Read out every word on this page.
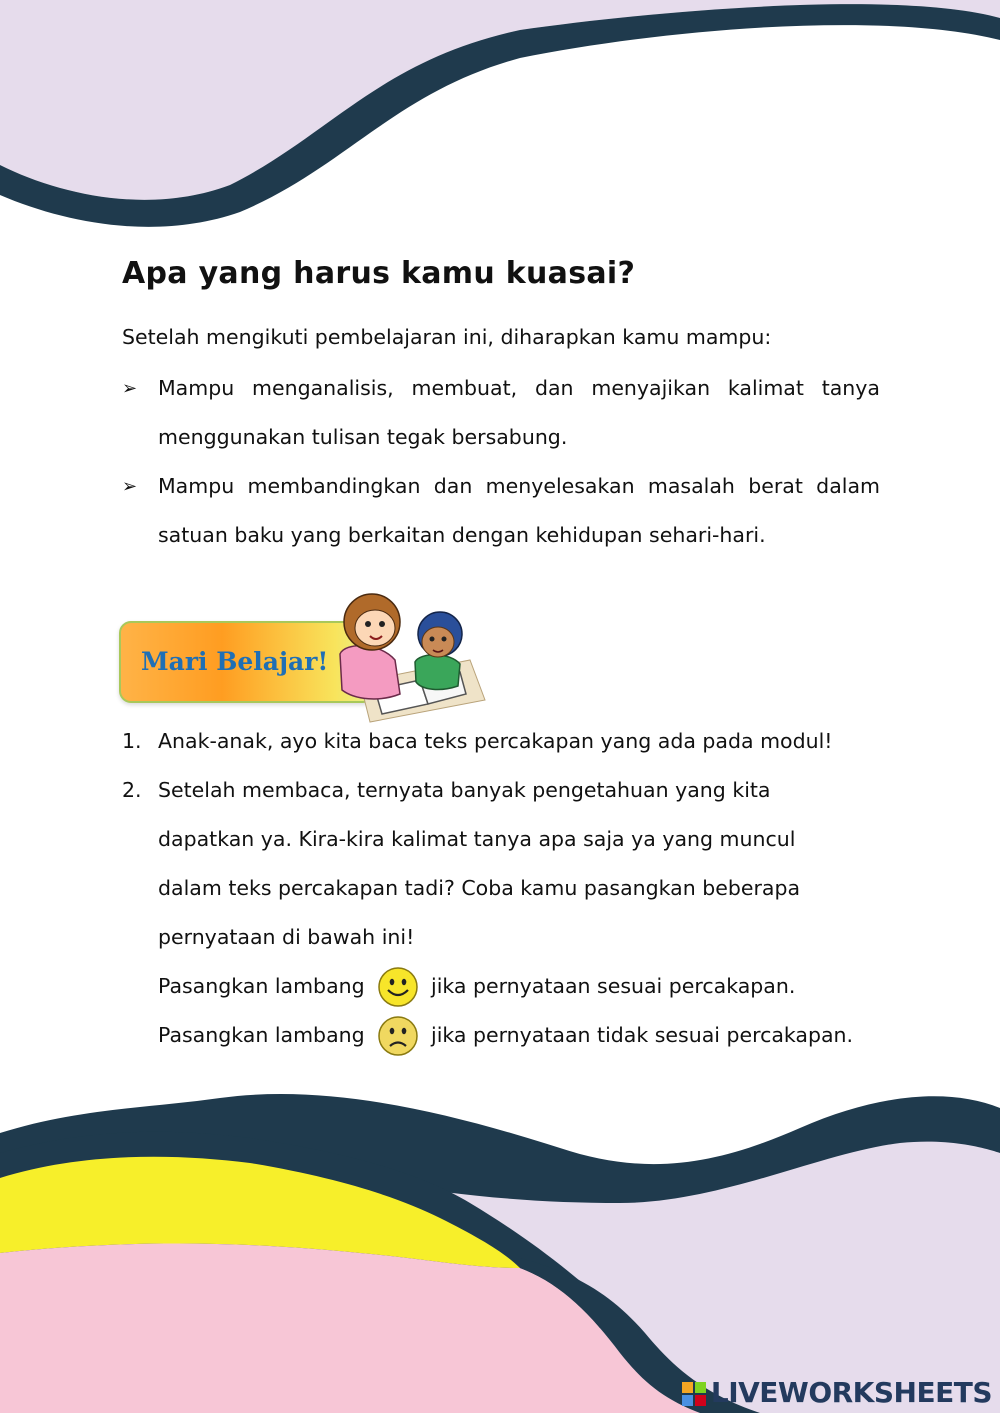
Apa yang harus kamu kuasai?
Setelah mengikuti pembelajaran ini, diharapkan kamu mampu:
➢	Mampu menganalisis, membuat, dan menyajikan kalimat tanya menggunakan tulisan tegak bersabung.
➢	Mampu membandingkan dan menyelesakan masalah berat dalam satuan baku yang berkaitan dengan kehidupan sehari-hari.
Mari Belajar!
1. Anak-anak, ayo kita baca teks percakapan yang ada pada modul!
2. Setelah membaca, ternyata banyak pengetahuan yang kita
dapatkan ya. Kira-kira kalimat tanya apa saja ya yang muncul
dalam teks percakapan tadi? Coba kamu pasangkan beberapa
pernyataan di bawah ini!
Pasangkan lambang	jika pernyataan sesuai percakapan.
Pasangkan lambang	jika pernyataan tidak sesuai percakapan.
LIVEWORKSHEETS
